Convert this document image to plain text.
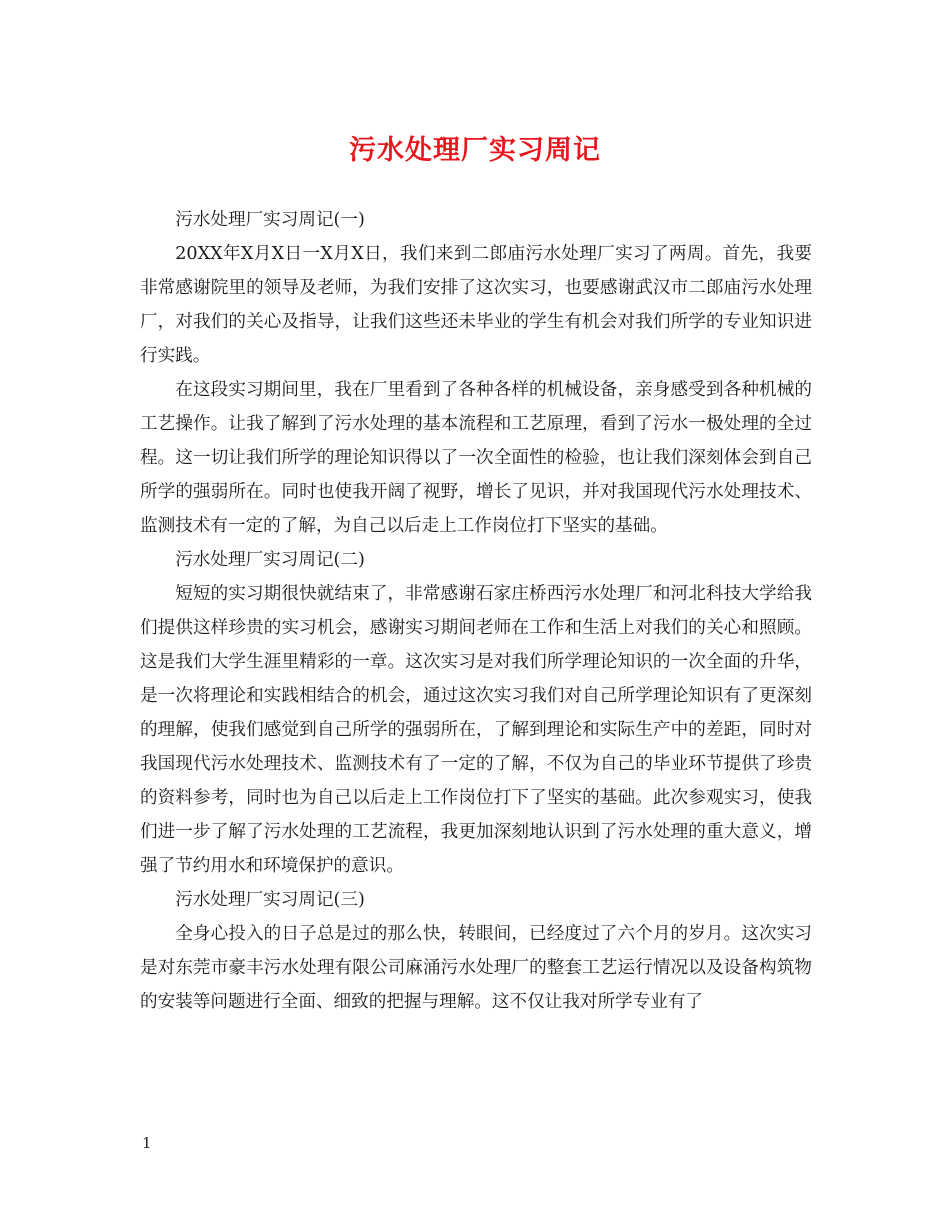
污水处理厂实习周记

污水处理厂实习周记(一)

20XX年X月X日一X月X日，我们来到二郎庙污水处理厂实习了两周。首先，我要非常感谢院里的领导及老师，为我们安排了这次实习，也要感谢武汉市二郎庙污水处理厂，对我们的关心及指导，让我们这些还未毕业的学生有机会对我们所学的专业知识进行实践。

在这段实习期间里，我在厂里看到了各种各样的机械设备，亲身感受到各种机械的工艺操作。让我了解到了污水处理的基本流程和工艺原理，看到了污水一极处理的全过程。这一切让我们所学的理论知识得以了一次全面性的检验，也让我们深刻体会到自己所学的强弱所在。同时也使我开阔了视野，增长了见识，并对我国现代污水处理技术、监测技术有一定的了解，为自己以后走上工作岗位打下坚实的基础。

污水处理厂实习周记(二)

短短的实习期很快就结束了，非常感谢石家庄桥西污水处理厂和河北科技大学给我们提供这样珍贵的实习机会，感谢实习期间老师在工作和生活上对我们的关心和照顾。这是我们大学生涯里精彩的一章。这次实习是对我们所学理论知识的一次全面的升华，是一次将理论和实践相结合的机会，通过这次实习我们对自己所学理论知识有了更深刻的理解，使我们感觉到自己所学的强弱所在，了解到理论和实际生产中的差距，同时对我国现代污水处理技术、监测技术有了一定的了解，不仅为自己的毕业环节提供了珍贵的资料参考，同时也为自己以后走上工作岗位打下了坚实的基础。此次参观实习，使我们进一步了解了污水处理的工艺流程，我更加深刻地认识到了污水处理的重大意义，增强了节约用水和环境保护的意识。

污水处理厂实习周记(三)

全身心投入的日子总是过的那么快，转眼间，已经度过了六个月的岁月。这次实习是对东莞市豪丰污水处理有限公司麻涌污水处理厂的整套工艺运行情况以及设备构筑物的安装等问题进行全面、细致的把握与理解。这不仅让我对所学专业有了

1
